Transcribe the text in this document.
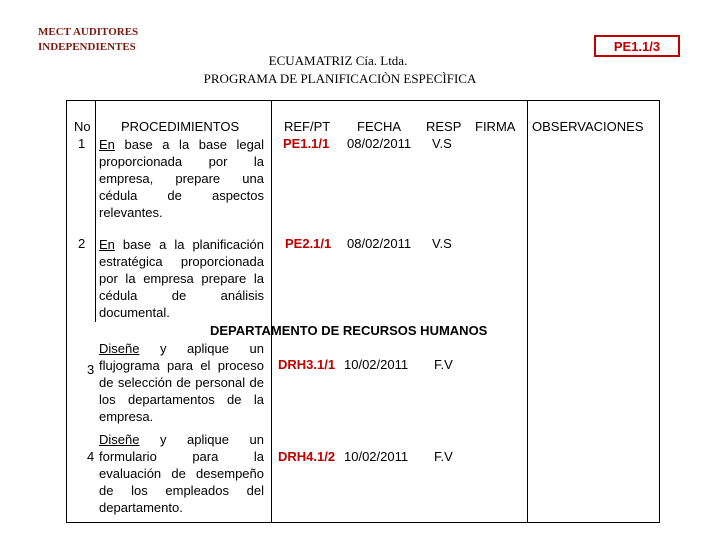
MECT AUDITORES
INDEPENDIENTES	PE1.1/3
ECUAMATRIZ Cía. Ltda.
PROGRAMA DE PLANIFICACIÒN ESPECÌFICA
No PROCEDIMIENTOS	REF/PT FECHA RESP FIRMA OBSERVACIONES
1 En base a la base legal proporcionada por la empresa, prepare una cédula de aspectos relevantes.
PE1.1/1 08/02/2011 V.S
2 En base a la planificación estratégica proporcionada por la empresa prepare la cédula de análisis documental.
PE2.1/1 08/02/2011 V.S
DEPARTAMENTO DE RECURSOS HUMANOS
3
Diseñe y aplique un flujograma para el proceso de selección de personal de los departamentos de la empresa.
DRH3.1/1 10/02/2011 F.V
4
Diseñe y aplique un formulario para la evaluación de desempeño de los empleados del departamento.
DRH4.1/2 10/02/2011 F.V
